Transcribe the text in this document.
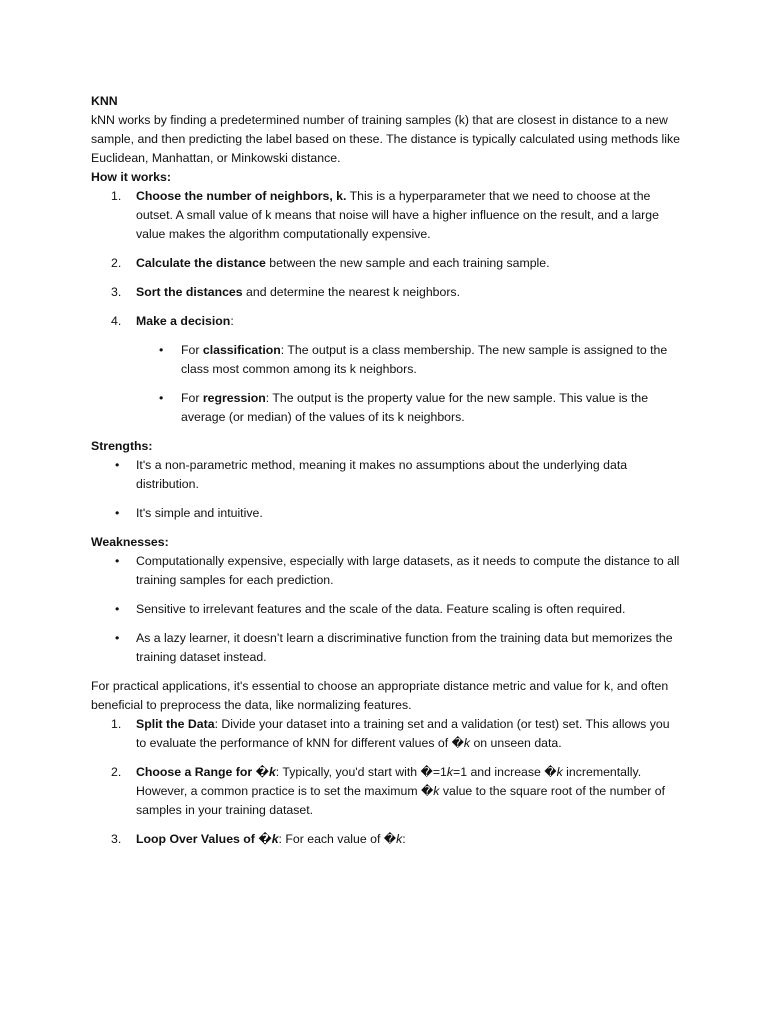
KNN

kNN works by finding a predetermined number of training samples (k) that are closest in distance to a new sample, and then predicting the label based on these. The distance is typically calculated using methods like Euclidean, Manhattan, or Minkowski distance.

How it works:

1. Choose the number of neighbors, k. This is a hyperparameter that we need to choose at the outset. A small value of k means that noise will have a higher influence on the result, and a large value makes the algorithm computationally expensive.
2. Calculate the distance between the new sample and each training sample.
3. Sort the distances and determine the nearest k neighbors.
4. Make a decision:
• For classification: The output is a class membership. The new sample is assigned to the class most common among its k neighbors.
• For regression: The output is the property value for the new sample. This value is the average (or median) of the values of its k neighbors.

Strengths:

• It's a non-parametric method, meaning it makes no assumptions about the underlying data distribution.
• It's simple and intuitive.

Weaknesses:

• Computationally expensive, especially with large datasets, as it needs to compute the distance to all training samples for each prediction.
• Sensitive to irrelevant features and the scale of the data. Feature scaling is often required.
• As a lazy learner, it doesn’t learn a discriminative function from the training data but memorizes the training dataset instead.

For practical applications, it's essential to choose an appropriate distance metric and value for k, and often beneficial to preprocess the data, like normalizing features.

1. Split the Data: Divide your dataset into a training set and a validation (or test) set. This allows you to evaluate the performance of kNN for different values of �k on unseen data.
2. Choose a Range for �k: Typically, you'd start with �=1k=1 and increase �k incrementally. However, a common practice is to set the maximum �k value to the square root of the number of samples in your training dataset.
3. Loop Over Values of �k: For each value of �k:
